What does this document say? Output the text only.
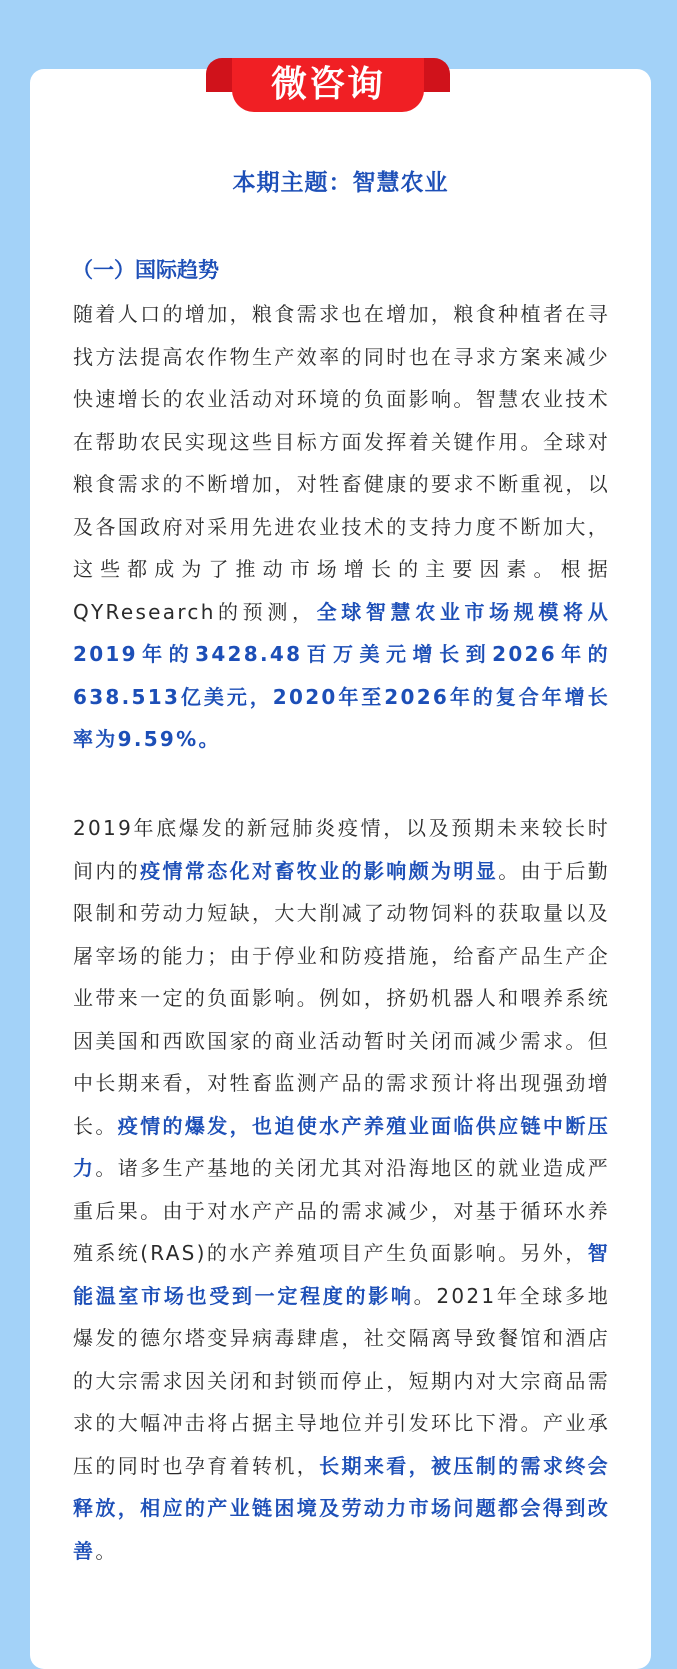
微咨询
本期主题：智慧农业
（一）国际趋势

随着人口的增加，粮食需求也在增加，粮食种植者在寻找方法提高农作物生产效率的同时也在寻求方案来减少快速增长的农业活动对环境的负面影响。智慧农业技术在帮助农民实现这些目标方面发挥着关键作用。全球对粮食需求的不断增加，对牲畜健康的要求不断重视，以及各国政府对采用先进农业技术的支持力度不断加大，这些都成为了推动市场增长的主要因素。根据QYResearch的预测，全球智慧农业市场规模将从2019年的3428.48百万美元增长到2026年的638.513亿美元，2020年至2026年的复合年增长率为9.59%。

2019年底爆发的新冠肺炎疫情，以及预期未来较长时间内的疫情常态化对畜牧业的影响颇为明显。由于后勤限制和劳动力短缺，大大削减了动物饲料的获取量以及屠宰场的能力；由于停业和防疫措施，给畜产品生产企业带来一定的负面影响。例如，挤奶机器人和喂养系统因美国和西欧国家的商业活动暂时关闭而减少需求。但中长期来看，对牲畜监测产品的需求预计将出现强劲增长。疫情的爆发，也迫使水产养殖业面临供应链中断压力。诸多生产基地的关闭尤其对沿海地区的就业造成严重后果。由于对水产产品的需求减少，对基于循环水养殖系统(RAS)的水产养殖项目产生负面影响。另外，智能温室市场也受到一定程度的影响。2021年全球多地爆发的德尔塔变异病毒肆虐，社交隔离导致餐馆和酒店的大宗需求因关闭和封锁而停止，短期内对大宗商品需求的大幅冲击将占据主导地位并引发环比下滑。产业承压的同时也孕育着转机，长期来看，被压制的需求终会释放，相应的产业链困境及劳动力市场问题都会得到改善。
